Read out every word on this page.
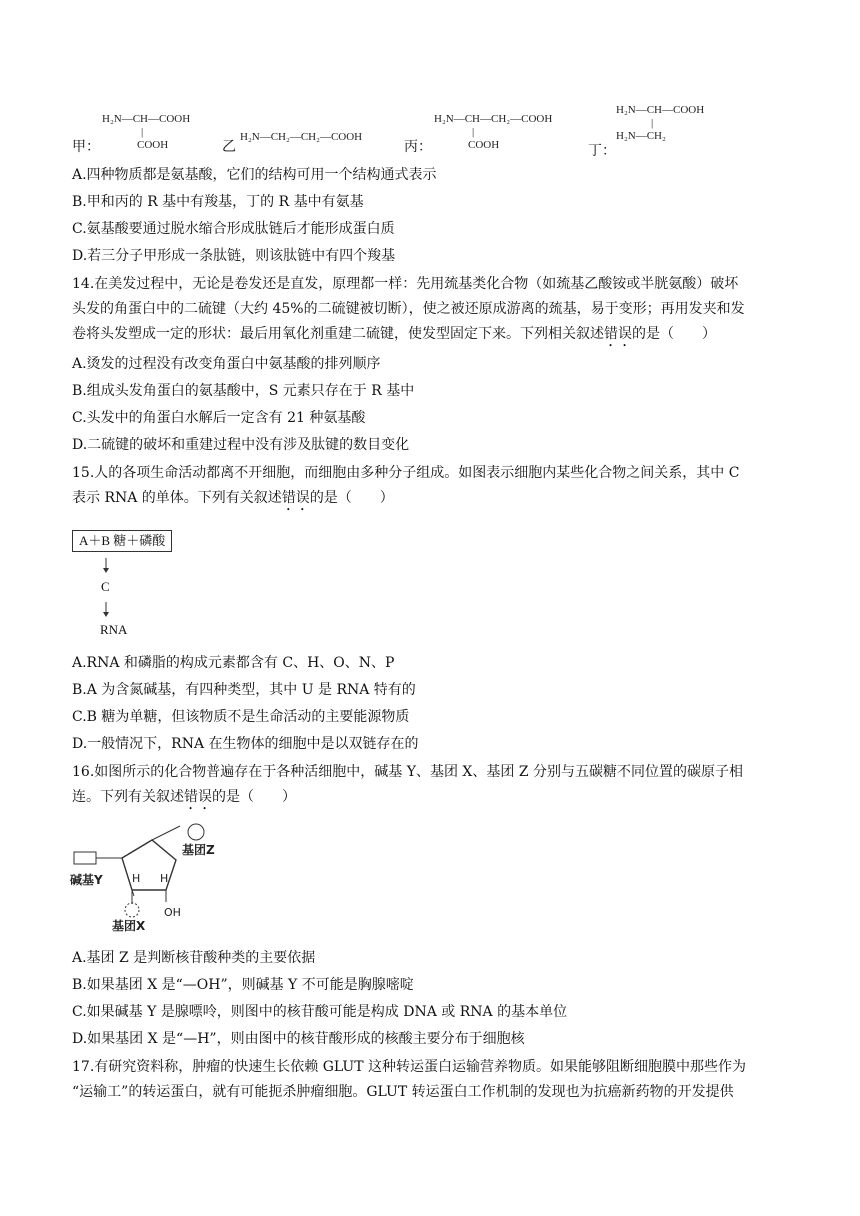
甲：
H₂N—CH—COOH
|
COOH	乙
H₂N—CH₂—CH₂—COOH
丙：
H₂N—CH—CH₂—COOH
|
COOH	丁：
H₂N—CH—COOH
|
H₂N—CH₂
A.四种物质都是氨基酸，它们的结构可用一个结构通式表示
B.甲和丙的 R 基中有羧基，丁的 R 基中有氨基
C.氨基酸要通过脱水缩合形成肽链后才能形成蛋白质
D.若三分子甲形成一条肽链，则该肽链中有四个羧基
14.在美发过程中，无论是卷发还是直发，原理都一样：先用巯基类化合物（如巯基乙酸铵或半胱氨酸）破坏
头发的角蛋白中的二硫键（大约 45%的二硫键被切断），使之被还原成游离的巯基，易于变形；再用发夹和发
卷将头发塑成一定的形状：最后用氧化剂重建二硫键，使发型固定下来。下列相关叙述错误的是（　　）
A.烫发的过程没有改变角蛋白中氨基酸的排列顺序
B.组成头发角蛋白的氨基酸中，S 元素只存在于 R 基中
C.头发中的角蛋白水解后一定含有 21 种氨基酸
D.二硫键的破坏和重建过程中没有涉及肽键的数目变化
15.人的各项生命活动都离不开细胞，而细胞由多种分子组成。如图表示细胞内某些化合物之间关系，其中 C
表示 RNA 的单体。下列有关叙述错误的是（　　）
A＋B 糖＋磷酸
C
RNA
A.RNA 和磷脂的构成元素都含有 C、H、O、N、P
B.A 为含氮碱基，有四种类型，其中 U 是 RNA 特有的
C.B 糖为单糖，但该物质不是生命活动的主要能源物质
D.一般情况下，RNA 在生物体的细胞中是以双链存在的
16.如图所示的化合物普遍存在于各种活细胞中，碱基 Y、基团 X、基团 Z 分别与五碳糖不同位置的碳原子相
连。下列有关叙述错误的是（　　）
基团Z
碱基Y	H H
OH
基团X
A.基团 Z 是判断核苷酸种类的主要依据
B.如果基团 X 是“—OH”，则碱基 Y 不可能是胸腺嘧啶
C.如果碱基 Y 是腺嘌呤，则图中的核苷酸可能是构成 DNA 或 RNA 的基本单位
D.如果基团 X 是“—H”，则由图中的核苷酸形成的核酸主要分布于细胞核
17.有研究资料称，肿瘤的快速生长依赖 GLUT 这种转运蛋白运输营养物质。如果能够阻断细胞膜中那些作为
“运输工”的转运蛋白，就有可能扼杀肿瘤细胞。GLUT 转运蛋白工作机制的发现也为抗癌新药物的开发提供
